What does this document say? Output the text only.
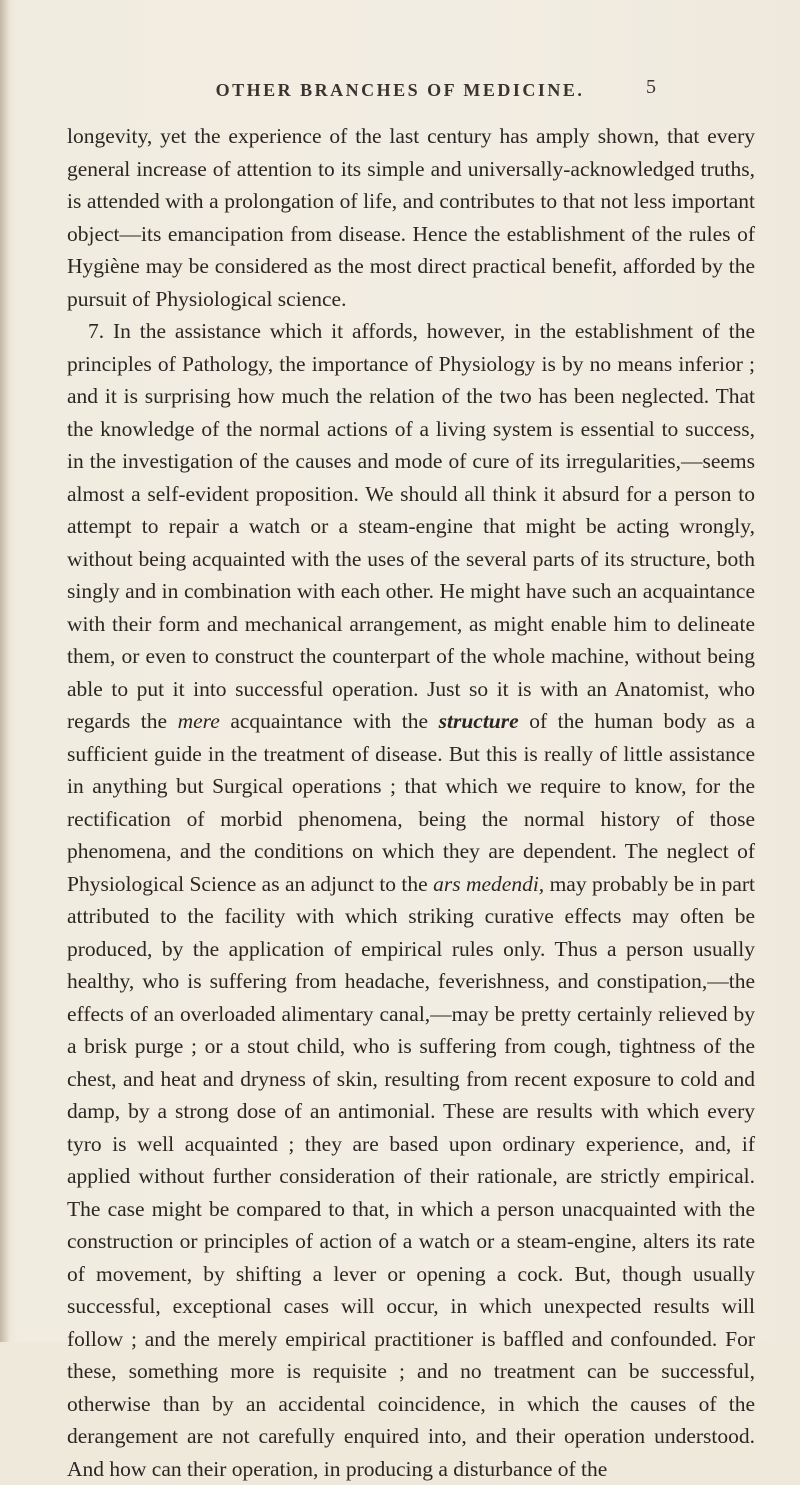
OTHER BRANCHES OF MEDICINE.	5

longevity, yet the experience of the last century has amply shown, that every general increase of attention to its simple and universally-acknowledged truths, is attended with a prolongation of life, and contributes to that not less important object—its emancipation from disease. Hence the establishment of the rules of Hygiène may be considered as the most direct practical benefit, afforded by the pursuit of Physiological science.

7. In the assistance which it affords, however, in the establishment of the principles of Pathology, the importance of Physiology is by no means inferior ; and it is surprising how much the relation of the two has been neglected. That the knowledge of the normal actions of a living system is essential to success, in the investigation of the causes and mode of cure of its irregularities,—seems almost a self-evident proposition. We should all think it absurd for a person to attempt to repair a watch or a steam-engine that might be acting wrongly, without being acquainted with the uses of the several parts of its structure, both singly and in combination with each other. He might have such an acquaintance with their form and mechanical arrangement, as might enable him to delineate them, or even to construct the counterpart of the whole machine, without being able to put it into successful operation. Just so it is with an Anatomist, who regards the mere acquaintance with the structure of the human body as a sufficient guide in the treatment of disease. But this is really of little assistance in anything but Surgical operations ; that which we require to know, for the rectification of morbid phenomena, being the normal history of those phenomena, and the conditions on which they are dependent. The neglect of Physiological Science as an adjunct to the ars medendi, may probably be in part attributed to the facility with which striking curative effects may often be produced, by the application of empirical rules only. Thus a person usually healthy, who is suffering from headache, feverishness, and constipation,—the effects of an overloaded alimentary canal,—may be pretty certainly relieved by a brisk purge ; or a stout child, who is suffering from cough, tightness of the chest, and heat and dryness of skin, resulting from recent exposure to cold and damp, by a strong dose of an antimonial. These are results with which every tyro is well acquainted ; they are based upon ordinary experience, and, if applied without further consideration of their rationale, are strictly empirical. The case might be compared to that, in which a person unacquainted with the construction or principles of action of a watch or a steam-engine, alters its rate of movement, by shifting a lever or opening a cock. But, though usually successful, exceptional cases will occur, in which unexpected results will follow ; and the merely empirical practitioner is baffled and confounded. For these, something more is requisite ; and no treatment can be successful, otherwise than by an accidental coincidence, in which the causes of the derangement are not carefully enquired into, and their operation understood. And how can their operation, in producing a disturbance of the
